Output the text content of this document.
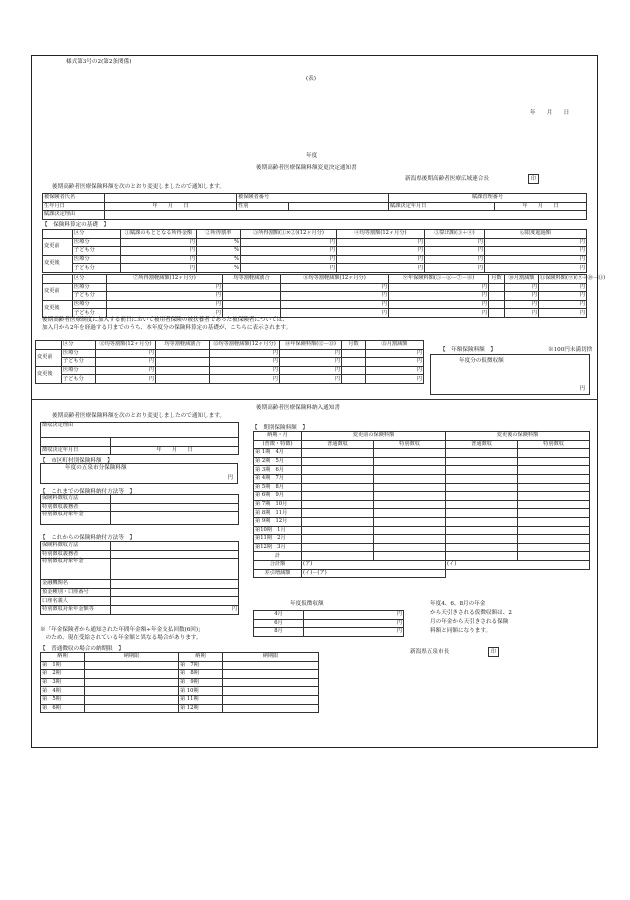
様式第3号の2(第2条関係)
(表)
年　　月　　日
年度
後期高齢者医療保険料額変更決定通知書
新潟県後期高齢者医療広域連合長	印
後期高齢者医療保険料額を次のとおり変更しましたので通知します。
被保険者氏名		被保険者番号		賦課管理番号	
生年月日	年　　月　　日	性別		賦課決定年月日	年　　月　　日
賦課決定理由					
【　保険料算定の基礎　】
	区分	①賦課のもととなる所得金額	②所得割率	③所得割額(①×②)(12ヶ月分)	④均等割額(12ヶ月分)	⑤算出額(③＋④)	⑥限度超過額
変更前	医療分	円	%	円	円	円	円
	子ども分	円	%	円	円	円	円
変更後	医療分	円	%	円	円	円	円
	子ども分	円	%	円	円	円	円
	区分	⑦所得割軽減額(12ヶ月分)	均等割軽減割合	⑧均等割軽減額(12ヶ月分)	⑨年保険料額(⑤－⑥－⑦－⑧)	月数	⑩月割減額	⑪保険料額(⑨)(⑨＋⑩－⑪)
変更前	医療分	円		円	円		円	円
	子ども分	円		円	円		円	円
変更後	医療分	円		円	円		円	円
	子ども分	円		円	円		円	円
後期高齢者医療制度に加入する前日において被用者保険の被扶養者であった被保険者については、
加入月から2年を経過する月までのうち、本年度分の保険料算定の基礎が、こちらに表示されます。
	区分	⑫均等割額(12ヶ月分)	均等割軽減割合	⑬均等割軽減額(12ヶ月分)	⑭年保険料額(⑫－⑬)	月数	⑮月割減額
変更前	医療分	円		円	円		円
	子ども分	円		円	円		円
変更後	医療分	円		円	円		円
	子ども分	円		円	円		円
【　年額保険料額　】	※100円未満切捨
年度分の仮徴収額
円
後期高齢者医療保険料納入通知書
後期高齢者医療保険料額を次のとおり変更しましたので通知します。
徴収決定理由	

徴収決定年月日	年　　月　　日
【　市区町村別保険料額　】
年度の五泉市分保険料額
円
【　これまでの保険料納付方法等　】
保険料徴収方法	
特別徴収義務者	
特別徴収対象年金	
【　これからの保険料納付方法等　】
保険料徴収方法	
特別徴収義務者	
特別徴収対象年金	
金融機関名	
預金種別・口座番号	
口座名義人	
特別徴収対象年金額等	円
※「年金保険者から通知された年間年金額÷年金支払回数(6回)」
　のため、現在受給されている年金額と異なる場合があります。
【　期別保険料額　】
納期・月	変更前の保険料額		変更後の保険料額	
(普徴・特徴)	普通徴収	特別徴収	普通徴収	特別徴収
第 1期　4月				
第 2期　5月				
第 3期　6月				
第 4期　7月				
第 5期　8月				
第 6期　9月				
第 7期　10月				
第 8期　11月				
第 9期　12月				
第10期　1月				
第11期　2月				
第12期　3月				
計				
合計額	(ア)		(イ)	
差引増減額	(イ)－(ア)			
年度仮徴収額
4月	円
6月	円
8月	円
年度4、6、8月の年金
から天引きされる仮徴収額は、2
月の年金から天引きされる保険
料額と同額になります。
新潟県五泉市長	印
【　普通徴収の場合の納期限　】
納期	納期限	納期	納期限
第　1期		第　7期	
第　2期		第　8期	
第　3期		第　9期	
第　4期		第 10期	
第　5期		第 11期	
第　6期		第 12期	
